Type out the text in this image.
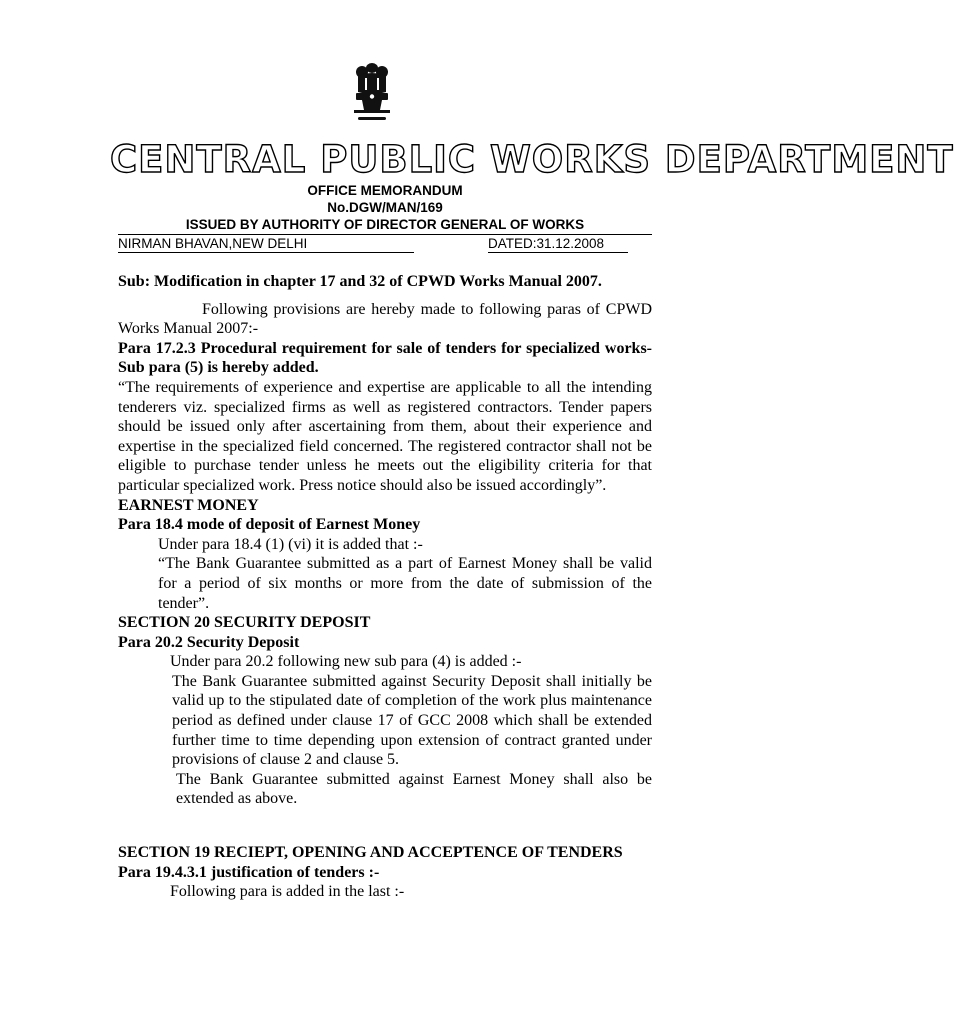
CENTRAL PUBLIC WORKS DEPARTMENT
OFFICE MEMORANDUM
No.DGW/MAN/169
ISSUED BY AUTHORITY OF DIRECTOR GENERAL OF WORKS
NIRMAN BHAVAN,NEW DELHI	DATED:31.12.2008

Sub: Modification in chapter 17 and 32 of CPWD Works Manual 2007.

Following provisions are hereby made to following paras of CPWD Works Manual 2007:-

Para 17.2.3 Procedural requirement for sale of tenders for specialized works-Sub para (5) is hereby added.

“The requirements of experience and expertise are applicable to all the intending tenderers viz. specialized firms as well as registered contractors. Tender papers should be issued only after ascertaining from them, about their experience and expertise in the specialized field concerned. The registered contractor shall not be eligible to purchase tender unless he meets out the eligibility criteria for that particular specialized work. Press notice should also be issued accordingly”.

EARNEST MONEY

Para 18.4 mode of deposit of Earnest Money

Under para 18.4 (1) (vi) it is added that :-

“The Bank Guarantee submitted as a part of Earnest Money shall be valid for a period of six months or more from the date of submission of the tender”.

SECTION 20 SECURITY DEPOSIT

Para 20.2 Security Deposit

Under para 20.2 following new sub para (4) is added :-

The Bank Guarantee submitted against Security Deposit shall initially be valid up to the stipulated date of completion of the work plus maintenance period as defined under clause 17 of GCC 2008 which shall be extended further time to time depending upon extension of contract granted under provisions of clause 2 and clause 5.

The Bank Guarantee submitted against Earnest Money shall also be extended as above.

SECTION 19 RECIEPT, OPENING AND ACCEPTENCE OF TENDERS

Para 19.4.3.1 justification of tenders :-

Following para is added in the last :-
